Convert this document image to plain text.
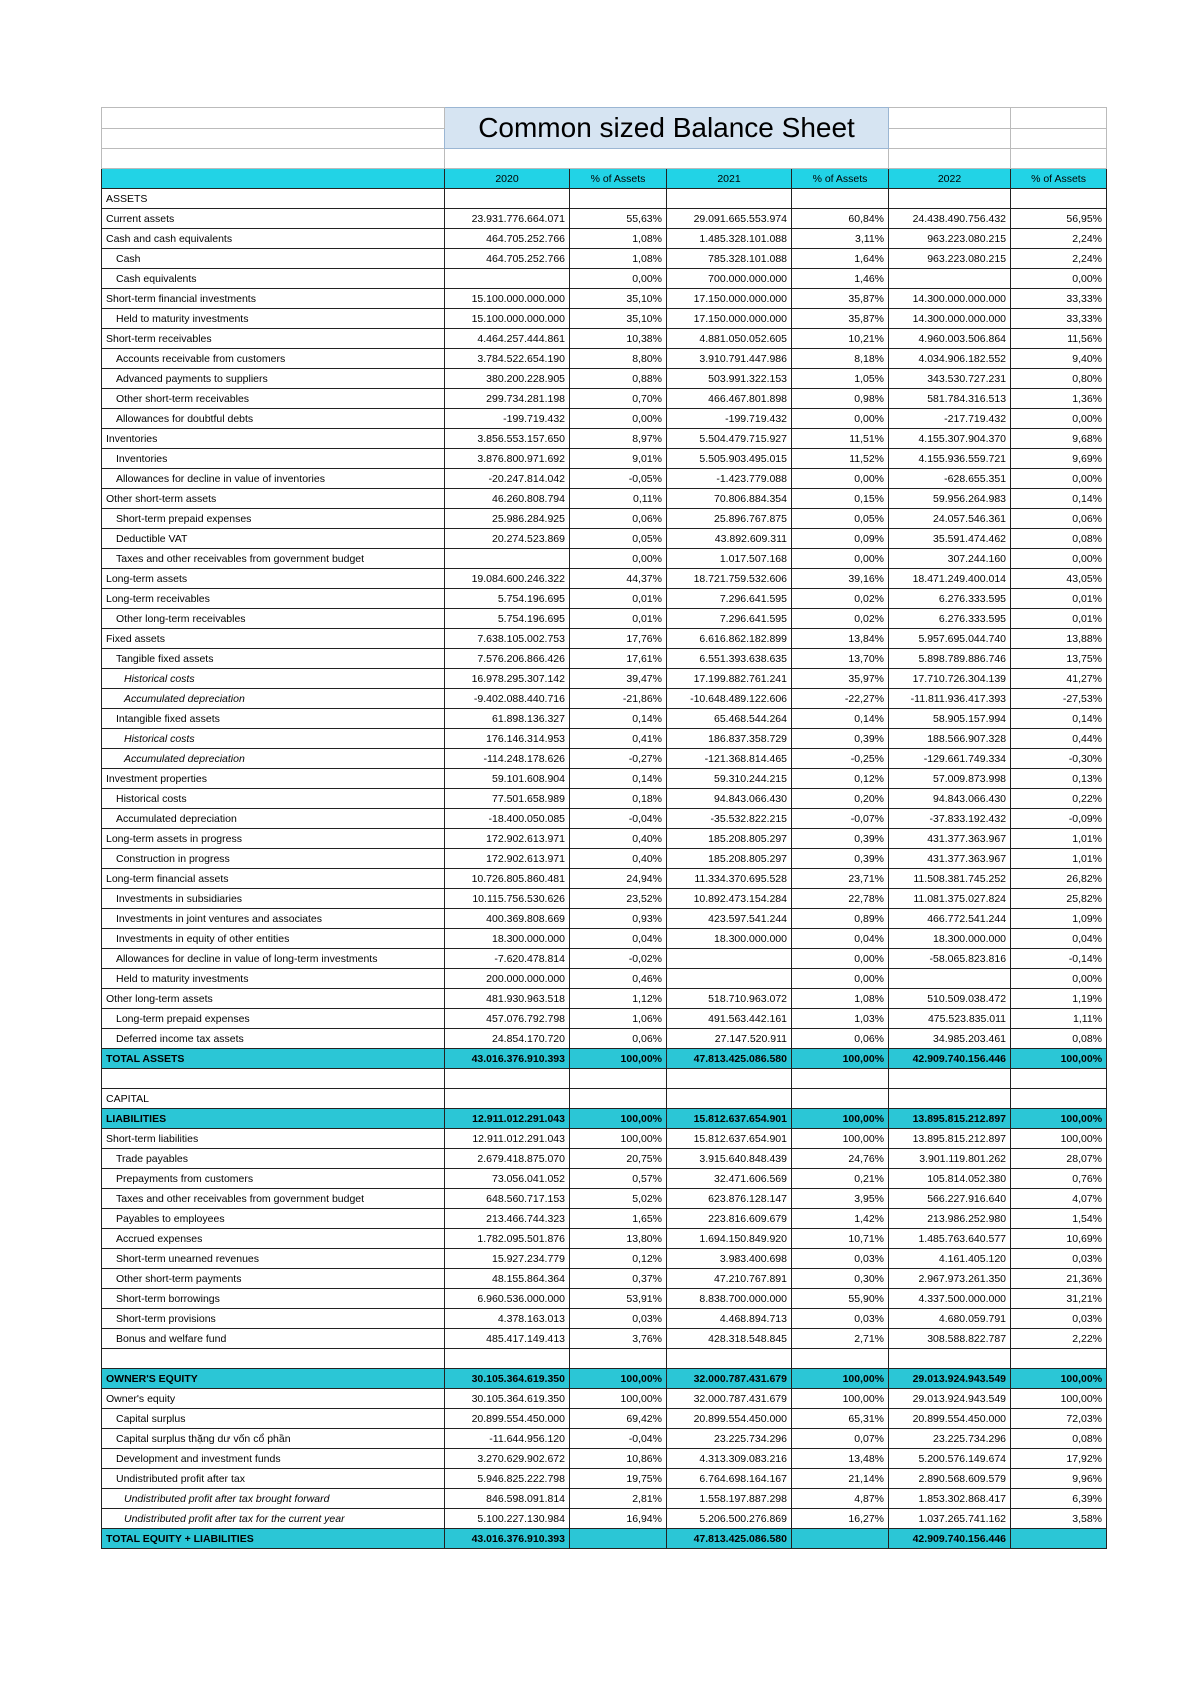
	Common sized Balance Sheet					

	2020	% of Assets	2021	% of Assets	2022	% of Assets
ASSETS						
Current assets	23.931.776.664.071	55,63%	29.091.665.553.974	60,84%	24.438.490.756.432	56,95%
Cash and cash equivalents	464.705.252.766	1,08%	1.485.328.101.088	3,11%	963.223.080.215	2,24%
Cash	464.705.252.766	1,08%	785.328.101.088	1,64%	963.223.080.215	2,24%
Cash equivalents		0,00%	700.000.000.000	1,46%		0,00%
Short-term financial investments	15.100.000.000.000	35,10%	17.150.000.000.000	35,87%	14.300.000.000.000	33,33%
Held to maturity investments	15.100.000.000.000	35,10%	17.150.000.000.000	35,87%	14.300.000.000.000	33,33%
Short-term receivables	4.464.257.444.861	10,38%	4.881.050.052.605	10,21%	4.960.003.506.864	11,56%
Accounts receivable from customers	3.784.522.654.190	8,80%	3.910.791.447.986	8,18%	4.034.906.182.552	9,40%
Advanced payments to suppliers	380.200.228.905	0,88%	503.991.322.153	1,05%	343.530.727.231	0,80%
Other short-term receivables	299.734.281.198	0,70%	466.467.801.898	0,98%	581.784.316.513	1,36%
Allowances for doubtful debts	-199.719.432	0,00%	-199.719.432	0,00%	-217.719.432	0,00%
Inventories	3.856.553.157.650	8,97%	5.504.479.715.927	11,51%	4.155.307.904.370	9,68%
Inventories	3.876.800.971.692	9,01%	5.505.903.495.015	11,52%	4.155.936.559.721	9,69%
Allowances for decline in value of inventories	-20.247.814.042	-0,05%	-1.423.779.088	0,00%	-628.655.351	0,00%
Other short-term assets	46.260.808.794	0,11%	70.806.884.354	0,15%	59.956.264.983	0,14%
Short-term prepaid expenses	25.986.284.925	0,06%	25.896.767.875	0,05%	24.057.546.361	0,06%
Deductible VAT	20.274.523.869	0,05%	43.892.609.311	0,09%	35.591.474.462	0,08%
Taxes and other receivables from government budget		0,00%	1.017.507.168	0,00%	307.244.160	0,00%
Long-term assets	19.084.600.246.322	44,37%	18.721.759.532.606	39,16%	18.471.249.400.014	43,05%
Long-term receivables	5.754.196.695	0,01%	7.296.641.595	0,02%	6.276.333.595	0,01%
Other long-term receivables	5.754.196.695	0,01%	7.296.641.595	0,02%	6.276.333.595	0,01%
Fixed assets	7.638.105.002.753	17,76%	6.616.862.182.899	13,84%	5.957.695.044.740	13,88%
Tangible fixed assets	7.576.206.866.426	17,61%	6.551.393.638.635	13,70%	5.898.789.886.746	13,75%
Historical costs	16.978.295.307.142	39,47%	17.199.882.761.241	35,97%	17.710.726.304.139	41,27%
Accumulated depreciation	-9.402.088.440.716	-21,86%	-10.648.489.122.606	-22,27%	-11.811.936.417.393	-27,53%
Intangible fixed assets	61.898.136.327	0,14%	65.468.544.264	0,14%	58.905.157.994	0,14%
Historical costs	176.146.314.953	0,41%	186.837.358.729	0,39%	188.566.907.328	0,44%
Accumulated depreciation	-114.248.178.626	-0,27%	-121.368.814.465	-0,25%	-129.661.749.334	-0,30%
Investment properties	59.101.608.904	0,14%	59.310.244.215	0,12%	57.009.873.998	0,13%
Historical costs	77.501.658.989	0,18%	94.843.066.430	0,20%	94.843.066.430	0,22%
Accumulated depreciation	-18.400.050.085	-0,04%	-35.532.822.215	-0,07%	-37.833.192.432	-0,09%
Long-term assets in progress	172.902.613.971	0,40%	185.208.805.297	0,39%	431.377.363.967	1,01%
Construction in progress	172.902.613.971	0,40%	185.208.805.297	0,39%	431.377.363.967	1,01%
Long-term financial assets	10.726.805.860.481	24,94%	11.334.370.695.528	23,71%	11.508.381.745.252	26,82%
Investments in subsidiaries	10.115.756.530.626	23,52%	10.892.473.154.284	22,78%	11.081.375.027.824	25,82%
Investments in joint ventures and associates	400.369.808.669	0,93%	423.597.541.244	0,89%	466.772.541.244	1,09%
Investments in equity of other entities	18.300.000.000	0,04%	18.300.000.000	0,04%	18.300.000.000	0,04%
Allowances for decline in value of long-term investments	-7.620.478.814	-0,02%		0,00%	-58.065.823.816	-0,14%
Held to maturity investments	200.000.000.000	0,46%		0,00%		0,00%
Other long-term assets	481.930.963.518	1,12%	518.710.963.072	1,08%	510.509.038.472	1,19%
Long-term prepaid expenses	457.076.792.798	1,06%	491.563.442.161	1,03%	475.523.835.011	1,11%
Deferred income tax assets	24.854.170.720	0,06%	27.147.520.911	0,06%	34.985.203.461	0,08%
TOTAL ASSETS	43.016.376.910.393	100,00%	47.813.425.086.580	100,00%	42.909.740.156.446	100,00%

CAPITAL						
LIABILITIES	12.911.012.291.043	100,00%	15.812.637.654.901	100,00%	13.895.815.212.897	100,00%
Short-term liabilities	12.911.012.291.043	100,00%	15.812.637.654.901	100,00%	13.895.815.212.897	100,00%
Trade payables	2.679.418.875.070	20,75%	3.915.640.848.439	24,76%	3.901.119.801.262	28,07%
Prepayments from customers	73.056.041.052	0,57%	32.471.606.569	0,21%	105.814.052.380	0,76%
Taxes and other receivables from government budget	648.560.717.153	5,02%	623.876.128.147	3,95%	566.227.916.640	4,07%
Payables to employees	213.466.744.323	1,65%	223.816.609.679	1,42%	213.986.252.980	1,54%
Accrued expenses	1.782.095.501.876	13,80%	1.694.150.849.920	10,71%	1.485.763.640.577	10,69%
Short-term unearned revenues	15.927.234.779	0,12%	3.983.400.698	0,03%	4.161.405.120	0,03%
Other short-term payments	48.155.864.364	0,37%	47.210.767.891	0,30%	2.967.973.261.350	21,36%
Short-term borrowings	6.960.536.000.000	53,91%	8.838.700.000.000	55,90%	4.337.500.000.000	31,21%
Short-term provisions	4.378.163.013	0,03%	4.468.894.713	0,03%	4.680.059.791	0,03%
Bonus and welfare fund	485.417.149.413	3,76%	428.318.548.845	2,71%	308.588.822.787	2,22%

OWNER'S EQUITY	30.105.364.619.350	100,00%	32.000.787.431.679	100,00%	29.013.924.943.549	100,00%
Owner's equity	30.105.364.619.350	100,00%	32.000.787.431.679	100,00%	29.013.924.943.549	100,00%
Capital surplus	20.899.554.450.000	69,42%	20.899.554.450.000	65,31%	20.899.554.450.000	72,03%
Capital surplus thặng dư vốn cổ phần	-11.644.956.120	-0,04%	23.225.734.296	0,07%	23.225.734.296	0,08%
Development and investment funds	3.270.629.902.672	10,86%	4.313.309.083.216	13,48%	5.200.576.149.674	17,92%
Undistributed profit after tax	5.946.825.222.798	19,75%	6.764.698.164.167	21,14%	2.890.568.609.579	9,96%
Undistributed profit after tax brought forward	846.598.091.814	2,81%	1.558.197.887.298	4,87%	1.853.302.868.417	6,39%
Undistributed profit after tax for the current year	5.100.227.130.984	16,94%	5.206.500.276.869	16,27%	1.037.265.741.162	3,58%
TOTAL EQUITY + LIABILITIES	43.016.376.910.393		47.813.425.086.580		42.909.740.156.446	
